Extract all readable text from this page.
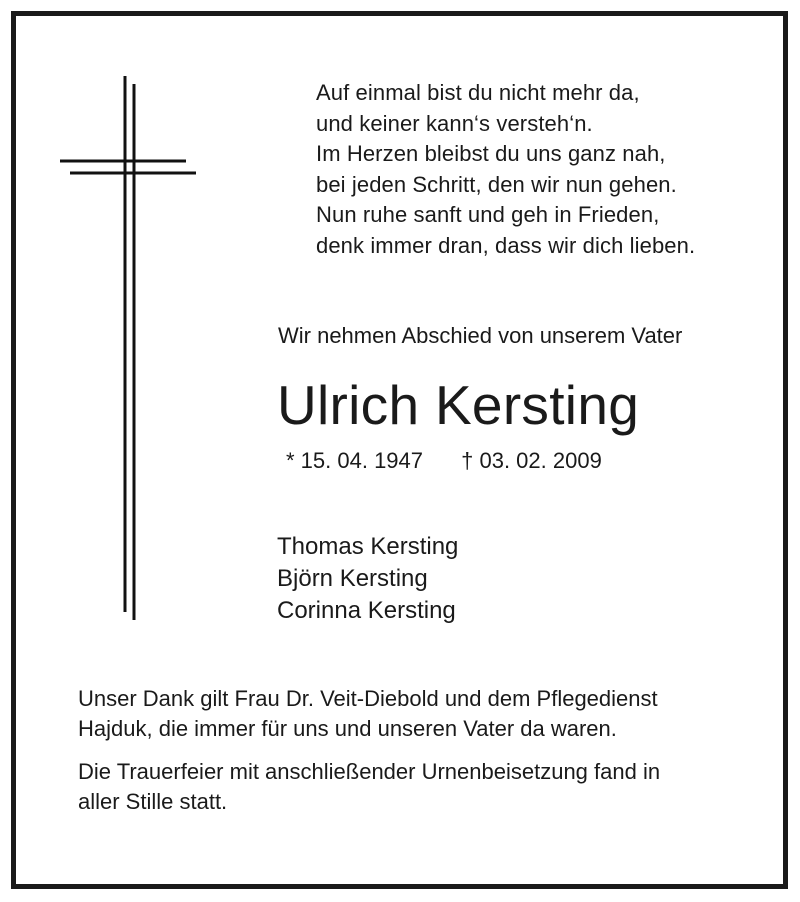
Auf einmal bist du nicht mehr da,
und keiner kann‘s versteh‘n.
Im Herzen bleibst du uns ganz nah,
bei jeden Schritt, den wir nun gehen.
Nun ruhe sanft und geh in Frieden,
denk immer dran, dass wir dich lieben.
Wir nehmen Abschied von unserem Vater
Ulrich Kersting
* 15. 04. 1947 † 03. 02. 2009
Thomas Kersting
Björn Kersting
Corinna Kersting
Unser Dank gilt Frau Dr. Veit-Diebold und dem Pflegedienst
Hajduk, die immer für uns und unseren Vater da waren.
Die Trauerfeier mit anschließender Urnenbeisetzung fand in
aller Stille statt.
